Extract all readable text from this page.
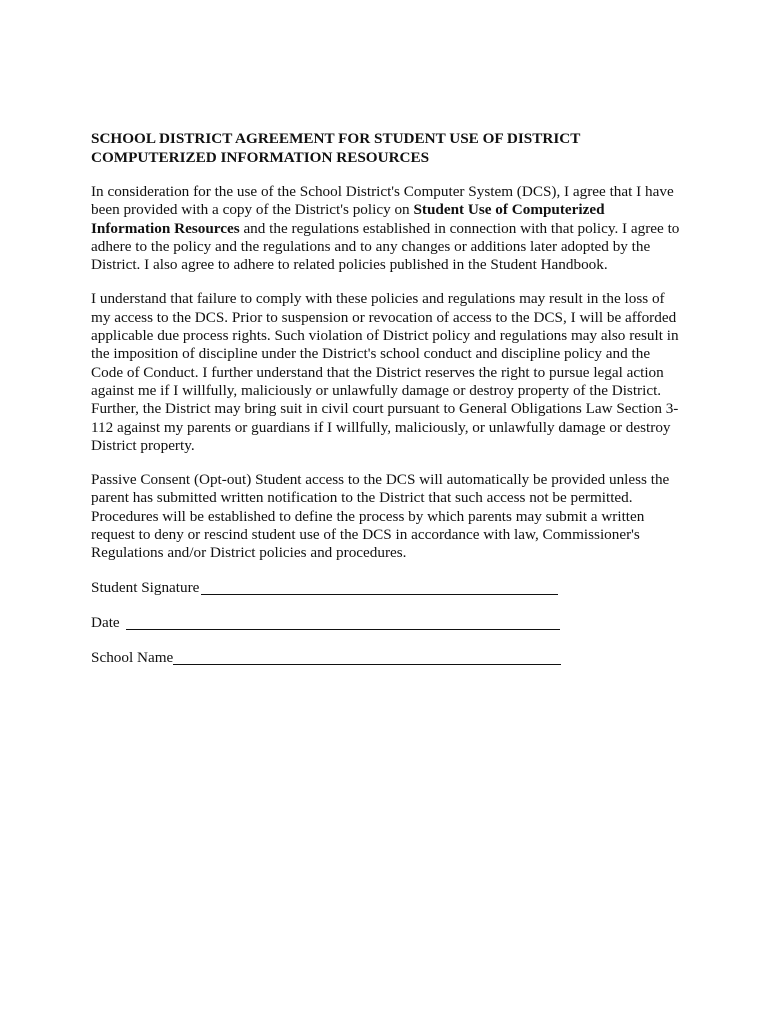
SCHOOL DISTRICT AGREEMENT FOR STUDENT USE OF DISTRICT COMPUTERIZED INFORMATION RESOURCES

In consideration for the use of the School District's Computer System (DCS), I agree that I have been provided with a copy of the District's policy on Student Use of Computerized Information Resources and the regulations established in connection with that policy. I agree to adhere to the policy and the regulations and to any changes or additions later adopted by the District. I also agree to adhere to related policies published in the Student Handbook.

I understand that failure to comply with these policies and regulations may result in the loss of my access to the DCS. Prior to suspension or revocation of access to the DCS, I will be afforded applicable due process rights. Such violation of District policy and regulations may also result in the imposition of discipline under the District's school conduct and discipline policy and the Code of Conduct. I further understand that the District reserves the right to pursue legal action against me if I willfully, maliciously or unlawfully damage or destroy property of the District. Further, the District may bring suit in civil court pursuant to General Obligations Law Section 3-112 against my parents or guardians if I willfully, maliciously, or unlawfully damage or destroy District property.

Passive Consent (Opt-out) Student access to the DCS will automatically be provided unless the parent has submitted written notification to the District that such access not be permitted. Procedures will be established to define the process by which parents may submit a written request to deny or rescind student use of the DCS in accordance with law, Commissioner's Regulations and/or District policies and procedures.

Student Signature
Date
School Name
